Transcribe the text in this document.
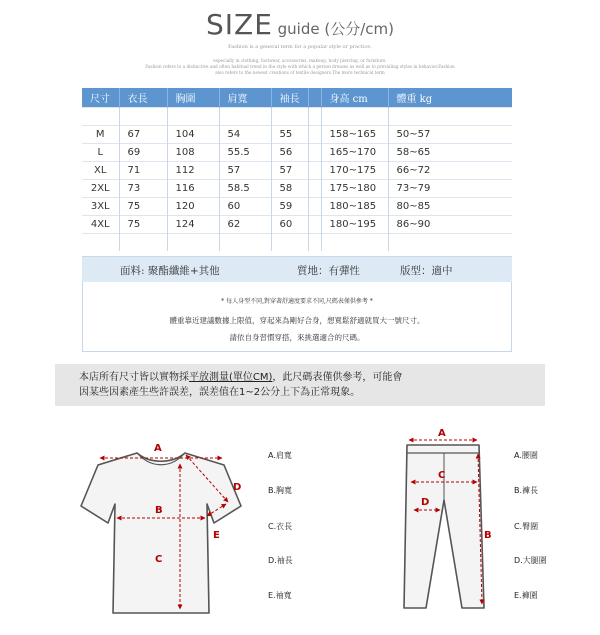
SIZE guide (公分/cm)
Fashion is a general term for a popular style or practice,
especially in clothing, footwear, accessories, makeup, body piercing, or furniture.
Fashion refers to a distinctive and often habitual trend in the style with which a person dresses as well as to prevailing styles in behavior.Fashion
also refers to the newest creations of textile designers.The more technical term
尺寸	衣長	胸圍	肩寬	袖長		身高 cm	體重 kg

M	67	104	54	55		158~165	50~57
L	69	108	55.5	56		165~170	58~65
XL	71	112	57	57		170~175	66~72
2XL	73	116	58.5	58		175~180	73~79
3XL	75	120	60	59		180~185	80~85
4XL	75	124	62	60		180~195	86~90

面料: 聚酯纖維+其他	質地：有彈性	版型：適中
* 每人身型不同,對穿著舒適度要求不同,尺碼表僅供參考 *
體重靠近建議數據上限值，穿起來為剛好合身，想寬鬆舒適就買大一號尺寸。
請依自身習慣穿搭，來挑選適合的尺碼。

本店所有尺寸皆以實物採平放測量(單位CM)，此尺碼表僅供參考，可能會

因某些因素產生些許誤差，誤差值在1~2公分上下為正常現象。

A
B
C
D
E
A
B
C
D
A.肩寬
B.胸寬
C.衣長
D.袖長
E.袖寬
A.腰圍
B.褲長
C.臀圍
D.大腿圍
E.褲圍
